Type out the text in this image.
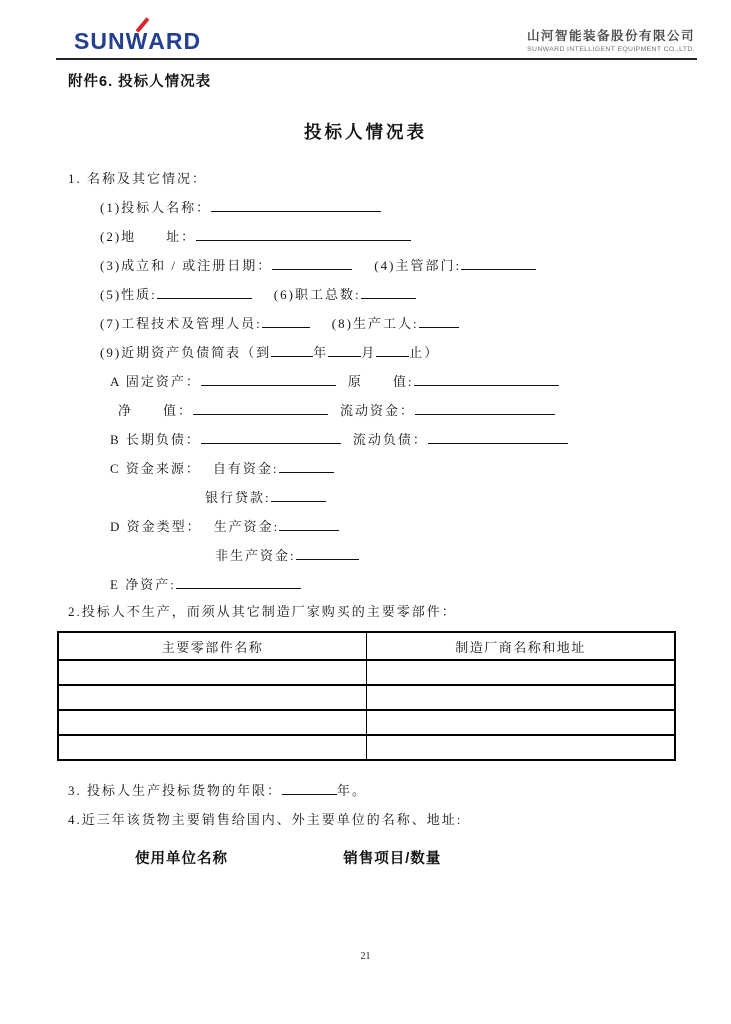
SUNW
ARD	山河智能装备股份有限公司
SUNWARD INTELLIGENT EQUIPMENT CO.,LTD.
附件6. 投标人情况表
投标人情况表
1. 名称及其它情况：
(1)投标人名称：
(2)地　　址：
(3)成立和 / 或注册日期：	(4)主管部门:
(5)性质:	(6)职工总数:
(7)工程技术及管理人员:	(8)生产工人:
(9)近期资产负债简表（到	年	月	止）
A 固定资产：	原　　值:
净　　值：	流动资金：
B 长期负债：	流动负债：
C 资金来源： 自有资金:
银行贷款:
D 资金类型： 生产资金:
非生产资金:
E 净资产:
2.投标人不生产，而须从其它制造厂家购买的主要零部件：
主要零部件名称	制造厂商名称和地址

3. 投标人生产投标货物的年限：	年。
4.近三年该货物主要销售给国内、外主要单位的名称、地址:
使用单位名称	销售项目/数量
21
